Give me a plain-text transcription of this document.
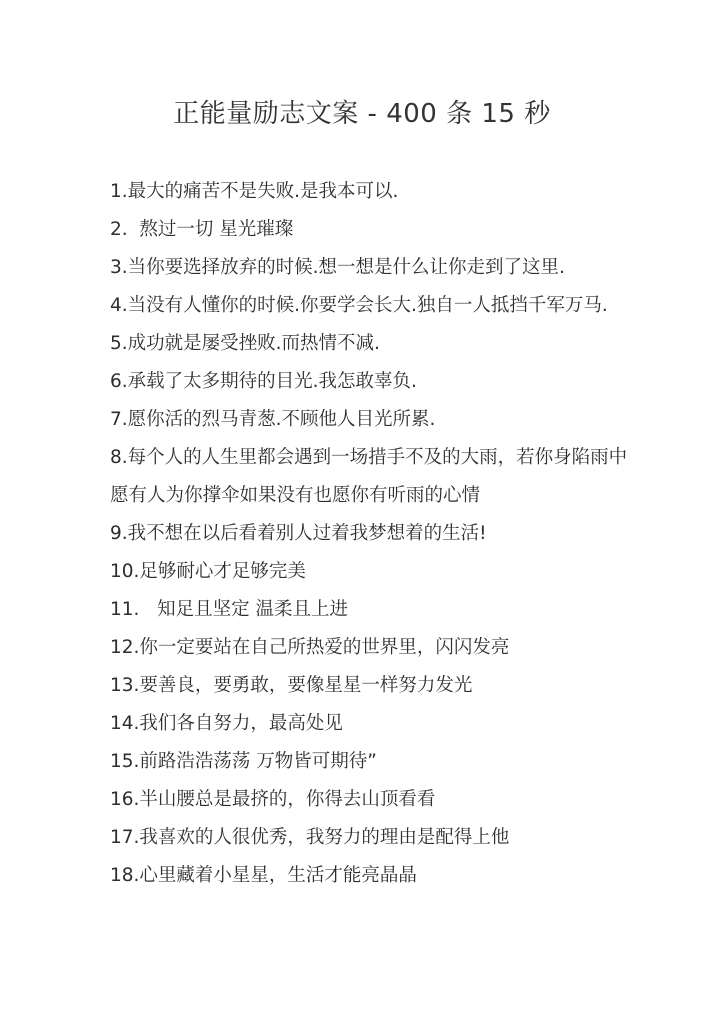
正能量励志文案 - 400 条 15 秒
1.最大的痛苦不是失败.是我本可以.
2.  熬过一切 星光璀璨
3.当你要选择放弃的时候.想一想是什么让你走到了这里.
4.当没有人懂你的时候.你要学会长大.独自一人抵挡千军万马.
5.成功就是屡受挫败.而热情不减.
6.承载了太多期待的目光.我怎敢辜负.
7.愿你活的烈马青葱.不顾他人目光所累.
8.每个人的人生里都会遇到一场措手不及的大雨，若你身陷雨中愿有人为你撑伞如果没有也愿你有听雨的心情
9.我不想在以后看着别人过着我梦想着的生活!
10.足够耐心才足够完美
11.   知足且坚定 温柔且上进
12.你一定要站在自己所热爱的世界里，闪闪发亮
13.要善良，要勇敢，要像星星一样努力发光
14.我们各自努力，最高处见
15.前路浩浩荡荡 万物皆可期待”
16.半山腰总是最挤的，你得去山顶看看
17.我喜欢的人很优秀，我努力的理由是配得上他
18.心里藏着小星星，生活才能亮晶晶
